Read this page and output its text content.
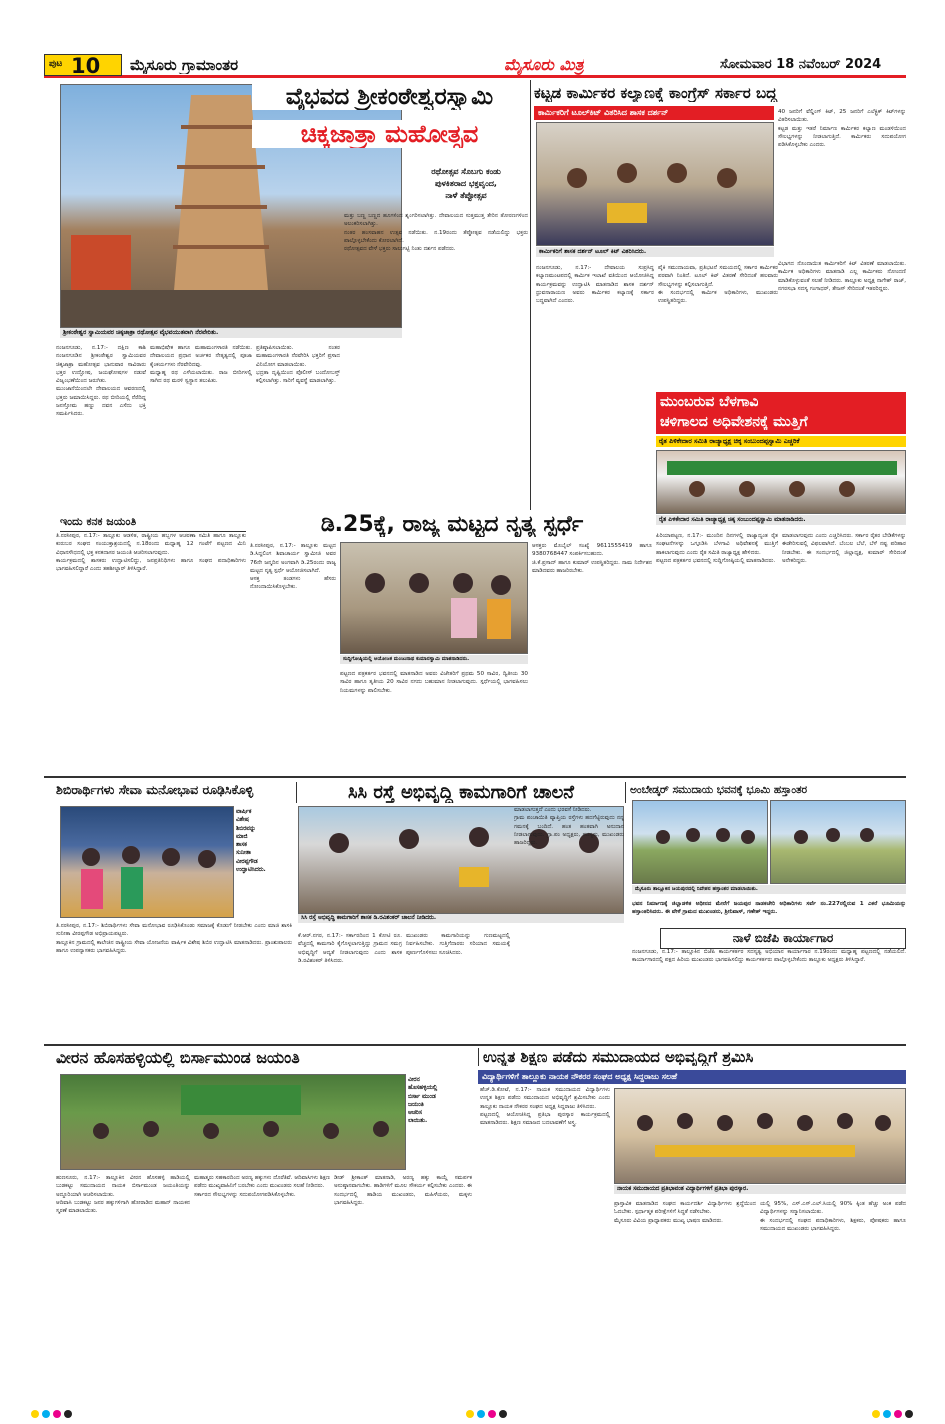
ಪುಟ 10 ಮೈಸೂರು ಗ್ರಾಮಾಂತರ	ಮೈಸೂರು ಮಿತ್ರ	ಸೋಮವಾರ 18 ನವೆಂಬರ್ 2024
ಶ್ರೀಕಂಠೇಶ್ವರ ಸ್ವಾಮಿಯವರ ಚಿಕ್ಕಜಾತ್ರಾ ರಥೋತ್ಸವ ವೈಭವಯುತವಾಗಿ ನೆರವೇರಿತು.
ವೈಭವದ ಶ್ರೀಕಂಠೇಶ್ವರಸ್ವಾಮಿ
ಚಿಕ್ಕಜಾತ್ರಾ ಮಹೋತ್ಸವ
ರಥೋತ್ಸವ ಸೊಬಗು ಕಂಡು
ಪುಳಕಿತರಾದ ಭಕ್ತವೃಂದ,
ನಾಳೆ ತೆಪ್ಪೋತ್ಸವ
ನಂಜನಗೂಡು, ನ.17:- ದಕ್ಷಿಣ ಕಾಶಿ ನಂಜನಗೂಡಿನ ಶ್ರೀಕಂಠೇಶ್ವರ ಸ್ವಾಮಿಯವರ ಚಿಕ್ಕಜಾತ್ರಾ ಮಹೋತ್ಸವ ಭಾನುವಾರ ಸಾವಿರಾರು ಭಕ್ತರ ಉದ್ಘೋಷ, ಜಯಘೋಷಗಳ ನಡುವೆ ವಿಜೃಂಭಣೆಯಿಂದ ಜರುಗಿತು.
ಮುಂಜಾನೆಯಿಂದಲೇ ದೇವಾಲಯದ ಆವರಣದಲ್ಲಿ ಭಕ್ತರು ಜಮಾಯಿಸಿದ್ದರು. ರಥ ಬೀದಿಯಲ್ಲಿ ನೆರೆದಿದ್ದ ಜನಸ್ತೋಮ ಹಣ್ಣು ದವನ ಎಸೆದು ಭಕ್ತಿ ಸಮರ್ಪಿಸಿದರು.
ಮಹಾಭಿಷೇಕ ಹಾಗೂ ಮಹಾಮಂಗಳಾರತಿ ನಡೆಯಿತು. ದೇವಾಲಯದ ಪ್ರಧಾನ ಅರ್ಚಕರ ನೇತೃತ್ವದಲ್ಲಿ ಪೂಜಾ ಕೈಂಕರ್ಯಗಳು ನೆರವೇರಿದವು.
ಮಧ್ಯಾಹ್ನ ರಥ ಎಳೆಯಲಾಯಿತು. ರಾಜ ಬೀದಿಗಳಲ್ಲಿ ಸಾಗಿದ ರಥ ಮರಳಿ ಸ್ವಸ್ಥಾನ ತಲುಪಿತು.
ಪ್ರತಿಷ್ಠಾಪಿಸಲಾಯಿತು. ನಂತರ ಮಹಾಮಂಗಳಾರತಿ ನೆರವೇರಿಸಿ ಭಕ್ತರಿಗೆ ಪ್ರಸಾದ ವಿನಿಯೋಗ ಮಾಡಲಾಯಿತು.
ಭದ್ರತಾ ದೃಷ್ಟಿಯಿಂದ ಪೊಲೀಸ್ ಬಂದೋಬಸ್ತ್ ಕಲ್ಪಿಸಲಾಗಿತ್ತು. ಸಾರಿಗೆ ವ್ಯವಸ್ಥೆ ಮಾಡಲಾಗಿತ್ತು.
ಮತ್ತು ಬಣ್ಣ ಬಣ್ಣದ ಹೂಗಳಿಂದ ಶೃಂಗರಿಸಲಾಗಿತ್ತು. ದೇವಾಲಯದ ಸುತ್ತಮುತ್ತ ತೇರಿನ ತೋರಣಗಳಿಂದ ಅಲಂಕರಿಸಲಾಗಿತ್ತು.
ನಂತರ ಹಂಸವಾಹನ ಉತ್ಸವ ನಡೆಯಿತು. ನ.19ರಂದು ತೆಪ್ಪೋತ್ಸವ ನಡೆಯಲಿದ್ದು ಭಕ್ತರು ಪಾಲ್ಗೊಳ್ಳಬೇಕೆಂದು ಕೋರಲಾಗಿದೆ.
ರಥೋತ್ಸವದ ವೇಳೆ ಭಕ್ತರು ಸಾಲುಗಟ್ಟಿ ನಿಂತು ದರ್ಶನ ಪಡೆದರು.
ಕಟ್ಟಡ ಕಾರ್ಮಿಕರ ಕಲ್ಯಾಣಕ್ಕೆ ಕಾಂಗ್ರೆಸ್ ಸರ್ಕಾರ ಬದ್ಧ
ಕಾರ್ಮಿಕರಿಗೆ ಟೂಲ್‌ಕಿಟ್ ವಿತರಿಸಿದ ಶಾಸಕ ದರ್ಶನ್
ಕಾರ್ಮಿಕರಿಗೆ ಶಾಸಕ ದರ್ಶನ್ ಟೂಲ್ ಕಿಟ್ ವಿತರಿಸಿದರು.
40 ಜನರಿಗೆ ವೆಲ್ಡಿಂಗ್ ಕಿಟ್, 25 ಜನರಿಗೆ ಎಲೆಕ್ಟ್ರಿಕ್ ಕಿಟ್‌ಗಳನ್ನು ವಿತರಿಸಲಾಯಿತು.
ಕಟ್ಟಡ ಮತ್ತು ಇತರೆ ನಿರ್ಮಾಣ ಕಾರ್ಮಿಕರ ಕಲ್ಯಾಣ ಮಂಡಳಿಯಿಂದ ಸೌಲಭ್ಯಗಳನ್ನು ನೀಡಲಾಗುತ್ತಿದೆ. ಕಾರ್ಮಿಕರು ಸದುಪಯೋಗ ಪಡಿಸಿಕೊಳ್ಳಬೇಕು ಎಂದರು.
ನಂಜನಗೂಡು, ನ.17:- ದೇವಾಲಯ ಸುಪ್ರಸಿದ್ಧ ಕಲ್ಯಾಣಮಂಟಪದಲ್ಲಿ ಕಾರ್ಮಿಕ ಇಲಾಖೆ ವತಿಯಿಂದ ಆಯೋಜಿಸಿದ್ದ ಕಾರ್ಯಕ್ರಮವನ್ನು ಉದ್ಘಾಟಿಸಿ ಮಾತನಾಡಿದ ಶಾಸಕ ದರ್ಶನ್ ಧ್ರುವನಾರಾಯಣ ಅವರು ಕಾರ್ಮಿಕರ ಕಲ್ಯಾಣಕ್ಕೆ ಸರ್ಕಾರ ಬದ್ಧವಾಗಿದೆ ಎಂದರು.
ಪೈಕಿ ಸಮುದಾಯವಾ, ಪ್ರತಿಭಟನೆ ಸಮಯದಲ್ಲಿ ಸರ್ಕಾರ ಕಾರ್ಮಿಕರ ಪರವಾಗಿ ನಿಂತಿದೆ. ಟೂಲ್ ಕಿಟ್ ವಿತರಣೆ ಸೇರಿದಂತೆ ಹಲವಾರು ಸೌಲಭ್ಯಗಳನ್ನು ಕಲ್ಪಿಸಲಾಗುತ್ತಿದೆ.
ಈ ಸಂದರ್ಭದಲ್ಲಿ ಕಾರ್ಮಿಕ ಅಧಿಕಾರಿಗಳು, ಮುಖಂಡರು ಉಪಸ್ಥಿತರಿದ್ದರು.
ವಿಭಾಗದ ನೊಂದಾಯಿತ ಕಾರ್ಮಿಕರಿಗೆ ಕಿಟ್ ವಿತರಣೆ ಮಾಡಲಾಯಿತು. ಕಾರ್ಮಿಕ ಅಧಿಕಾರಿಗಳು ಮಾತನಾಡಿ ಎಲ್ಲ ಕಾರ್ಮಿಕರು ನೋಂದಣಿ ಮಾಡಿಕೊಳ್ಳುವಂತೆ ಸಲಹೆ ನೀಡಿದರು. ತಾಲ್ಲೂಕು ಅಧ್ಯಕ್ಷ ನಾಗೇಶ್ ರಾಜ್, ನಗರಸಭಾ ಸದಸ್ಯ ಗಂಗಾಧರ್, ತೇಜಸ್ ಸೇರಿದಂತೆ ಇತರರಿದ್ದರು.
ಮುಂಬರುವ ಬೆಳಗಾವಿ
ಚಳಿಗಾಲದ ಅಧಿವೇಶನಕ್ಕೆ ಮುತ್ತಿಗೆ
ರೈತ ಪಿಳಿಕೇದಾರ ಸಮಿತಿ ರಾಜ್ಯಾಧ್ಯಕ್ಷ ಚಿಕ್ಕ ಸಂಬುಂದಪ್ಪಸ್ವಾಮಿ ಎಚ್ಚರಿಕೆ
ರೈತ ಪಿಳಿಕೇದಾರ ಸಮಿತಿ ರಾಜ್ಯಾಧ್ಯಕ್ಷ ಚಿಕ್ಕ ಸಂಬುಂದಪ್ಪಸ್ವಾಮಿ ಮಾತನಾಡಿದರು.
ಪಿರಿಯಾಪಟ್ಟಣ, ನ.17:- ಮುಂದಿನ ದಿನಗಳಲ್ಲಿ ರಾಜ್ಯಾದ್ಯಂತ ರೈತ ಸಂಘಟನೆಗಳನ್ನು ಒಗ್ಗೂಡಿಸಿ ಬೆಳಗಾವಿ ಅಧಿವೇಶನಕ್ಕೆ ಮುತ್ತಿಗೆ ಹಾಕಲಾಗುವುದು ಎಂದು ರೈತ ಸಮಿತಿ ರಾಜ್ಯಾಧ್ಯಕ್ಷ ಹೇಳಿದರು.
ಪಟ್ಟಣದ ಪತ್ರಕರ್ತರ ಭವನದಲ್ಲಿ ಸುದ್ದಿಗೋಷ್ಠಿಯಲ್ಲಿ ಮಾತನಾಡಿದರು.
ಮಾಡಲಾಗುವುದು ಎಂದು ಎಚ್ಚರಿಸಿದರು. ಸರ್ಕಾರ ರೈತರ ಬೇಡಿಕೆಗಳನ್ನು ಈಡೇರಿಸುವಲ್ಲಿ ವಿಫಲವಾಗಿದೆ. ಬೆಂಬಲ ಬೆಲೆ, ಬೆಳೆ ನಷ್ಟ ಪರಿಹಾರ ನೀಡಬೇಕು. ಈ ಸಂದರ್ಭದಲ್ಲಿ ಜಿಲ್ಲಾಧ್ಯಕ್ಷ, ಕುಮಾರ್ ಸೇರಿದಂತೆ ಅನೇಕರಿದ್ದರು.
ಇಂದು ಕನಕ ಜಯಂತಿ
ತಿ.ನರಸೀಪುರ, ನ.17:- ತಾಲ್ಲೂಕು ಆಡಳಿತ, ರಾಷ್ಟ್ರೀಯ ಹಬ್ಬಗಳ ಆಚರಣಾ ಸಮಿತಿ ಹಾಗೂ ತಾಲ್ಲೂಕು ಕುರುಬರ ಸಂಘದ ಸಂಯುಕ್ತಾಶ್ರಯದಲ್ಲಿ ನ.18ರಂದು ಮಧ್ಯಾಹ್ನ 12 ಗಂಟೆಗೆ ಪಟ್ಟಣದ ಮಿನಿ ವಿಧಾನಸೌಧದಲ್ಲಿ ಭಕ್ತ ಕನಕದಾಸರ ಜಯಂತಿ ಆಚರಿಸಲಾಗುವುದು.
ಕಾರ್ಯಕ್ರಮದಲ್ಲಿ ಶಾಸಕರು ಉದ್ಘಾಟಿಸಲಿದ್ದು, ಜನಪ್ರತಿನಿಧಿಗಳು ಹಾಗೂ ಸಂಘದ ಪದಾಧಿಕಾರಿಗಳು ಭಾಗವಹಿಸಲಿದ್ದಾರೆ ಎಂದು ತಹಶೀಲ್ದಾರ್ ತಿಳಿಸಿದ್ದಾರೆ.
ಡಿ.25ಕ್ಕೆ, ರಾಜ್ಯ ಮಟ್ಟದ ನೃತ್ಯ ಸ್ಪರ್ಧೆ
ತಿ.ನರಸೀಪುರ, ನ.17:- ತಾಲ್ಲೂಕು ಮಟ್ಟದ ಡಿ.ಸಿದ್ದಲಿಂಗ ಶಿವಾಚಾರ್ಯ ಸ್ವಾಮೀಜಿ ಅವರ 76ನೇ ಜನ್ಮದಿನ ಅಂಗವಾಗಿ ಡಿ.25ರಂದು ರಾಜ್ಯ ಮಟ್ಟದ ನೃತ್ಯ ಸ್ಪರ್ಧೆ ಆಯೋಜಿಸಲಾಗಿದೆ.
ಆಸಕ್ತ ತಂಡಗಳು ಹೆಸರು ನೋಂದಾಯಿಸಿಕೊಳ್ಳಬೇಕು.
ಸುದ್ದಿಗೋಷ್ಠಿಯಲ್ಲಿ ಆಯೋಜಕ ಮಂಜುನಾಥ ಕುಮಾರಸ್ವಾಮಿ ಮಾತನಾಡಿದರು.
ಪಟ್ಟಣದ ಪತ್ರಕರ್ತರ ಭವನದಲ್ಲಿ ಮಾತನಾಡಿದ ಅವರು ವಿಜೇತರಿಗೆ ಪ್ರಥಮ 50 ಸಾವಿರ, ದ್ವಿತೀಯ 30 ಸಾವಿರ ಹಾಗೂ ತೃತೀಯ 20 ಸಾವಿರ ನಗದು ಬಹುಮಾನ ನೀಡಲಾಗುವುದು. ಸ್ಪರ್ಧೆಯಲ್ಲಿ ಭಾಗವಹಿಸಲು ನಿಯಮಗಳನ್ನು ಪಾಲಿಸಬೇಕು.
ಆಸಕ್ತರು ಮೊಬೈಲ್ ಸಂಖ್ಯೆ 9611555419 ಹಾಗೂ 9380768447 ಸಂಪರ್ಕಿಸಬಹುದು.
ಜಿ.ಕೆ.ಪ್ರಸಾದ್ ಹಾಗೂ ಕುಮಾರ್ ಉಪಸ್ಥಿತರಿದ್ದರು. ನಾಮ ನಿರ್ದೇಶನ ಮಾಡಿದವರು ಹಾಜರಿರಬೇಕು.
ಶಿಬಿರಾರ್ಥಿಗಳು ಸೇವಾ ಮನೋಭಾವ ರೂಢಿಸಿಕೊಳ್ಳಿ
ವಾರ್ಷಿಕ
ವಿಶೇಷ
ಶಿಬಿರವನ್ನು
ಮಾಜಿ
ಶಾಸಕ
ಸುನೀತಾ
ವೀರಪ್ಪಗೌಡ
ಉದ್ಘಾಟಿಸಿದರು.
ತಿ.ನರಸೀಪುರ, ನ.17:- ಶಿಬಿರಾರ್ಥಿಗಳು ಸೇವಾ ಮನೋಭಾವ ರೂಢಿಸಿಕೊಂಡು ಸಮಾಜಕ್ಕೆ ಕೊಡುಗೆ ನೀಡಬೇಕು ಎಂದು ಮಾಜಿ ಶಾಸಕಿ ಸುನೀತಾ ವೀರಪ್ಪಗೌಡ ಅಭಿಪ್ರಾಯಪಟ್ಟರು.
ತಾಲ್ಲೂಕಿನ ಗ್ರಾಮದಲ್ಲಿ ಕಾಲೇಜಿನ ರಾಷ್ಟ್ರೀಯ ಸೇವಾ ಯೋಜನೆಯ ವಾರ್ಷಿಕ ವಿಶೇಷ ಶಿಬಿರ ಉದ್ಘಾಟಿಸಿ ಮಾತನಾಡಿದರು. ಪ್ರಾಂಶುಪಾಲರು ಹಾಗೂ ಉಪನ್ಯಾಸಕರು ಭಾಗವಹಿಸಿದ್ದರು.
ಸಿಸಿ ರಸ್ತೆ ಅಭಿವೃದ್ಧಿ ಕಾಮಗಾರಿಗೆ ಚಾಲನೆ
ಸಿಸಿ ರಸ್ತೆ ಅಭಿವೃದ್ಧಿ ಕಾಮಗಾರಿಗೆ ಶಾಸಕ ಡಿ.ರವಿಶಂಕರ್ ಚಾಲನೆ ನೀಡಿದರು.
ಕೆ.ಆರ್.ನಗರ, ನ.17:- ಸರ್ಕಾರದಿಂದ 1 ಕೋಟಿ ರೂ. ವೆಚ್ಚದಲ್ಲಿ ಕಾಮಗಾರಿ ಕೈಗೊಳ್ಳಲಾಗುತ್ತಿದ್ದು ಗ್ರಾಮದ ಸಮಗ್ರ ಅಭಿವೃದ್ಧಿಗೆ ಆದ್ಯತೆ ನೀಡಲಾಗುವುದು ಎಂದು ಶಾಸಕ ಡಿ.ರವಿಶಂಕರ್ ತಿಳಿಸಿದರು.
ಮುಖಂಡರು ಕಾಮಗಾರಿಯನ್ನು ಗುಣಮಟ್ಟದಲ್ಲಿ ನಿರ್ವಹಿಸಬೇಕು. ಗುತ್ತಿಗೆದಾರರು ಸರಿಯಾದ ಸಮಯಕ್ಕೆ ಪೂರ್ಣಗೊಳಿಸಲು ಸೂಚಿಸಿದರು.
ಮಾಡಲಾಗುತ್ತದೆ ಎಂದು ಭರವಸೆ ನೀಡಿದರು.
ಗ್ರಾಮ ಪಂಚಾಯಿತಿ ವ್ಯಾಪ್ತಿಯ ರಸ್ತೆಗಳು ಹದಗೆಟ್ಟಿರುವುದು ನನ್ನ ಗಮನಕ್ಕೆ ಬಂದಿದೆ. ಹಂತ ಹಂತವಾಗಿ ಅನುದಾನ ನೀಡಲಾಗುವುದು. ಗ್ರಾ.ಪಂ ಅಧ್ಯಕ್ಷರು, ಸದಸ್ಯರು, ಮುಖಂಡರು ಹಾಜರಿದ್ದರು.
ಅಂಬೇಡ್ಕರ್ ಸಮುದಾಯ ಭವನಕ್ಕೆ ಭೂಮಿ ಹಸ್ತಾಂತರ
ಮೈಸೂರು ತಾಲ್ಲೂಕಿನ ಜಯಪುರದಲ್ಲಿ ನಿವೇಶನ ಹಸ್ತಾಂತರ ಮಾಡಲಾಯಿತು.
ಭವನ ನಿರ್ಮಾಣಕ್ಕೆ ಜಿಲ್ಲಾಡಳಿತ ಅಧೀನದ ಮೇರೆಗೆ ಜಯಪುರ ನಾಡಕಚೇರಿ ಅಧಿಕಾರಿಗಳು ಸರ್ವೆ ನಂ.227ರಲ್ಲಿರುವ 1 ಎಕರೆ ಭೂಮಿಯನ್ನು ಹಸ್ತಾಂತರಿಸಿದರು. ಈ ವೇಳೆ ಗ್ರಾಮದ ಮುಖಂಡರು, ಶ್ರೀನಿವಾಸ್, ಗಣೇಶ್ ಇದ್ದರು.
ನಾಳೆ ಬಿಜೆಪಿ ಕಾರ್ಯಾಗಾರ
ನಂಜನಗೂಡು, ನ.17:- ತಾಲ್ಲೂಕಿನ ಬಿಜೆಪಿ ಕಾರ್ಯಕರ್ತರ ಸದಸ್ಯತ್ವ ಅಭಿಯಾನ ಕಾರ್ಯಾಗಾರ ನ.19ರಂದು ಮಧ್ಯಾಹ್ನ ಪಟ್ಟಣದಲ್ಲಿ ನಡೆಯಲಿದೆ. ಕಾರ್ಯಾಗಾರದಲ್ಲಿ ಪಕ್ಷದ ಹಿರಿಯ ಮುಖಂಡರು ಭಾಗವಹಿಸಲಿದ್ದು ಕಾರ್ಯಕರ್ತರು ಪಾಲ್ಗೊಳ್ಳಬೇಕೆಂದು ತಾಲ್ಲೂಕು ಅಧ್ಯಕ್ಷರು ತಿಳಿಸಿದ್ದಾರೆ.
ವೀರನ ಹೊಸಹಳ್ಳಿಯಲ್ಲಿ ಬಿರ್ಸಾಮುಂಡ ಜಯಂತಿ
ವೀರನ
ಹೊಸಹಳ್ಳಿಯಲ್ಲಿ
ಬಿರ್ಸಾ ಮುಂಡ
ಜಯಂತಿ
ಆಚರಿಸ
ಲಾಯಿತು.
ಹುಣಸೂರು, ನ.17:- ತಾಲ್ಲೂಕಿನ ವೀರನ ಹೊಸಹಳ್ಳಿ ಹಾಡಿಯಲ್ಲಿ ಬುಡಕಟ್ಟು ಸಮುದಾಯದ ನಾಯಕ ಬಿರ್ಸಾಮುಂಡ ಜಯಂತಿಯನ್ನು ಅದ್ದೂರಿಯಾಗಿ ಆಚರಿಸಲಾಯಿತು.
ಆದಿವಾಸಿ ಬುಡಕಟ್ಟು ಜನರ ಹಕ್ಕುಗಳಿಗಾಗಿ ಹೋರಾಡಿದ ಮಹಾನ್ ನಾಯಕನ ಸ್ಮರಣೆ ಮಾಡಲಾಯಿತು.
ಮಹಾತ್ಮರು ಸಹಕಾರದಿಂದ ಅರಣ್ಯ ಹಕ್ಕುಗಳು ದೊರೆತಿವೆ. ಆದಿವಾಸಿಗಳು ಶಿಕ್ಷಣ ಪಡೆದು ಮುಖ್ಯವಾಹಿನಿಗೆ ಬರಬೇಕು ಎಂದು ಮುಖಂಡರು ಸಲಹೆ ನೀಡಿದರು.
ಸರ್ಕಾರದ ಸೌಲಭ್ಯಗಳನ್ನು ಸದುಪಯೋಗಪಡಿಸಿಕೊಳ್ಳಬೇಕು.
ಡೀಡ್ ಶ್ರೀಕಾಂತ್ ಮಾತನಾಡಿ, ಅರಣ್ಯ ಹಕ್ಕು ಕಾಯ್ದೆ ಸಮರ್ಪಕ ಅನುಷ್ಠಾನವಾಗಬೇಕು. ಹಾಡಿಗಳಿಗೆ ಮೂಲ ಸೌಕರ್ಯ ಕಲ್ಪಿಸಬೇಕು ಎಂದರು. ಈ ಸಂದರ್ಭದಲ್ಲಿ ಹಾಡಿಯ ಮುಖಂಡರು, ಮಹಿಳೆಯರು, ಮಕ್ಕಳು ಭಾಗವಹಿಸಿದ್ದರು.
ಉನ್ನತ ಶಿಕ್ಷಣ ಪಡೆದು ಸಮುದಾಯದ ಅಭಿವೃದ್ಧಿಗೆ ಶ್ರಮಿಸಿ
ವಿದ್ಯಾರ್ಥಿಗಳಿಗೆ ತಾಲ್ಲೂಕು ನಾಯಕ ನೌಕರರ ಸಂಘದ ಅಧ್ಯಕ್ಷ ಸಿದ್ದರಾಜು ಸಲಹೆ
ಹೆಚ್.ಡಿ.ಕೋಟೆ, ನ.17:- ನಾಯಕ ಸಮುದಾಯದ ವಿದ್ಯಾರ್ಥಿಗಳು ಉನ್ನತ ಶಿಕ್ಷಣ ಪಡೆದು ಸಮುದಾಯದ ಅಭಿವೃದ್ಧಿಗೆ ಶ್ರಮಿಸಬೇಕು ಎಂದು ತಾಲ್ಲೂಕು ನಾಯಕ ನೌಕರರ ಸಂಘದ ಅಧ್ಯಕ್ಷ ಸಿದ್ದರಾಜು ತಿಳಿಸಿದರು.
ಪಟ್ಟಣದಲ್ಲಿ ಆಯೋಜಿಸಿದ್ದ ಪ್ರತಿಭಾ ಪುರಸ್ಕಾರ ಕಾರ್ಯಕ್ರಮದಲ್ಲಿ ಮಾತನಾಡಿದರು. ಶಿಕ್ಷಣ ಸಮಾಜದ ಬದಲಾವಣೆಗೆ ಅಸ್ತ್ರ.
ನಾಯಕ ಸಮುದಾಯದ ಪ್ರತಿಭಾವಂತ ವಿದ್ಯಾರ್ಥಿಗಳಿಗೆ ಪ್ರತಿಭಾ ಪುರಸ್ಕಾರ.
ಪ್ರಾಸ್ತಾವಿಕ ಮಾತನಾಡಿದ ಸಂಘದ ಕಾರ್ಯದರ್ಶಿ ವಿದ್ಯಾರ್ಥಿಗಳು ಶ್ರದ್ಧೆಯಿಂದ ಓದಬೇಕು. ಸ್ಪರ್ಧಾತ್ಮಕ ಪರೀಕ್ಷೆಗಳಿಗೆ ಸಿದ್ಧತೆ ನಡೆಸಬೇಕು.
ಮೈಸೂರು ವಿವಿಯ ಪ್ರಾಧ್ಯಾಪಕರು ಮುಖ್ಯ ಭಾಷಣ ಮಾಡಿದರು.
ಯಲ್ಲಿ 95%, ಎಸ್.ಎಸ್.ಎಲ್.ಸಿಯಲ್ಲಿ 90% ಕ್ಕಿಂತ ಹೆಚ್ಚು ಅಂಕ ಪಡೆದ ವಿದ್ಯಾರ್ಥಿಗಳನ್ನು ಸನ್ಮಾನಿಸಲಾಯಿತು.
ಈ ಸಂದರ್ಭದಲ್ಲಿ ಸಂಘದ ಪದಾಧಿಕಾರಿಗಳು, ಶಿಕ್ಷಕರು, ಪೋಷಕರು ಹಾಗೂ ಸಮುದಾಯದ ಮುಖಂಡರು ಭಾಗವಹಿಸಿದ್ದರು.
